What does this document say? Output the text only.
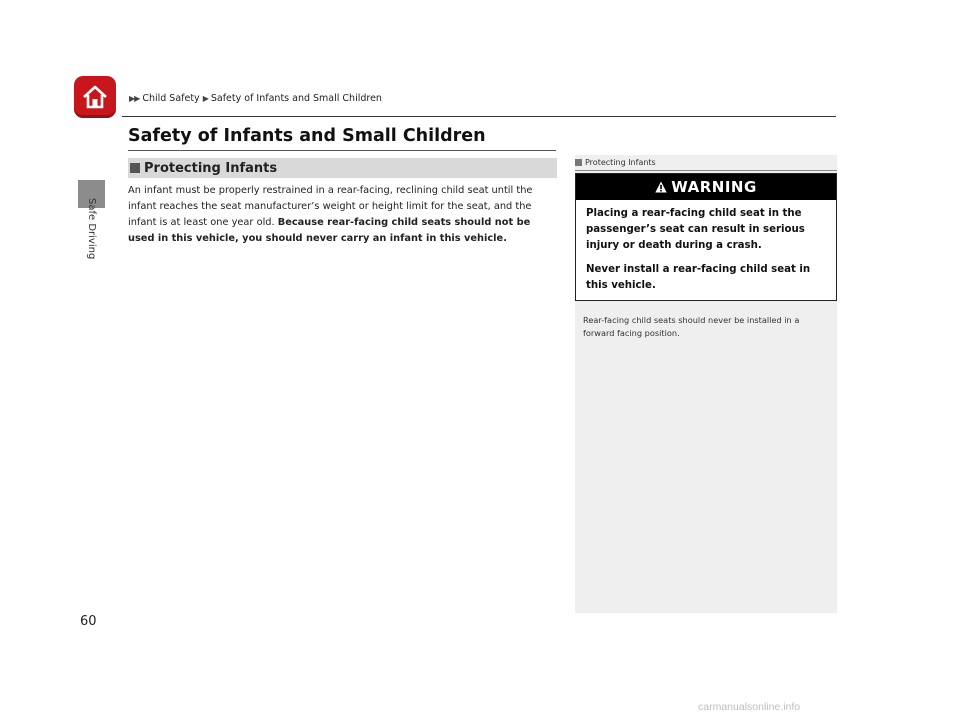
▶▶ Child Safety ▶ Safety of Infants and Small Children
Safe Driving
Safety of Infants and Small Children
Protecting Infants

An infant must be properly restrained in a rear-facing, reclining child seat until the infant reaches the seat manufacturer’s weight or height limit for the seat, and the infant is at least one year old. Because rear-facing child seats should not be used in this vehicle, you should never carry an infant in this vehicle.

Protecting Infants
WARNING

Placing a rear-facing child seat in the passenger’s seat can result in serious injury or death during a crash.

Never install a rear-facing child seat in this vehicle.

Rear-facing child seats should never be installed in a forward facing position.

60
carmanualsonline.info
